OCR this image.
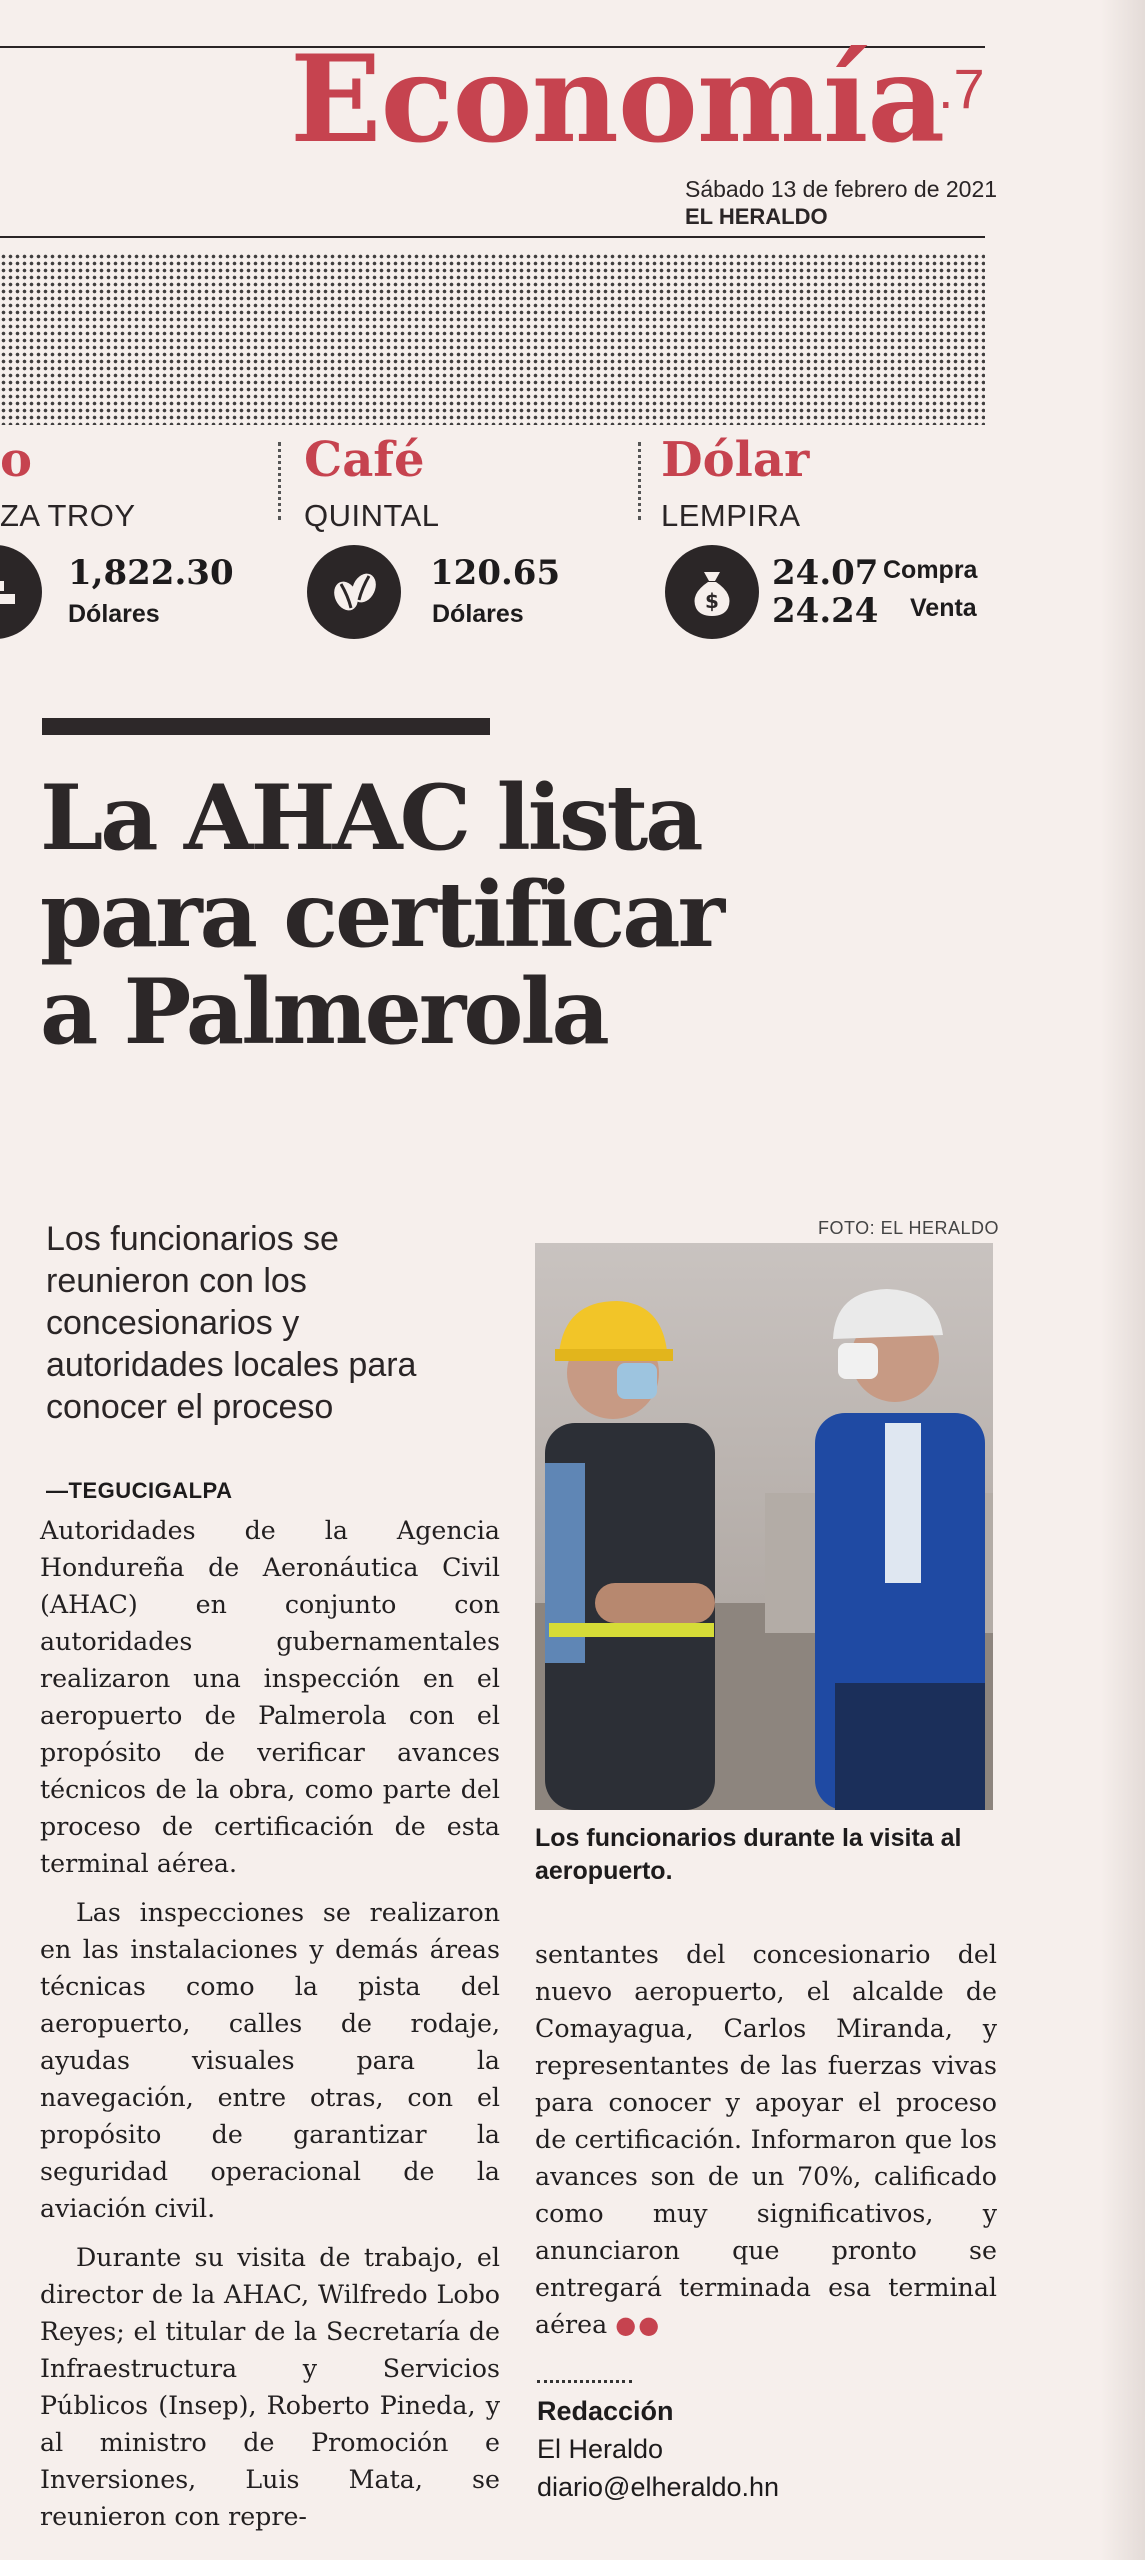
Economía
.7
Sábado 13 de febrero de 2021
EL HERALDO
o
ZA TROY
1,822.30
Dólares
Café
QUINTAL
120.65
Dólares
Dólar
LEMPIRA
$
24.07 Compra
24.24 Venta
La AHAC lista
para certificar
a Palmerola
Los funcionarios se reunieron con los concesionarios y autoridades locales para conocer el proceso
FOTO: EL HERALDO
Los funcionarios durante la visita al aeropuerto.
—TEGUCIGALPA

Autoridades de la Agencia Hondureña de Aeronáutica Civil (AHAC) en conjunto con autoridades gubernamentales realizaron una inspección en el aeropuerto de Palmerola con el propósito de verificar avances técnicos de la obra, como parte del proceso de certificación de esta terminal aérea.

Las inspecciones se realizaron en las instalaciones y demás áreas técnicas como la pista del aeropuerto, calles de rodaje, ayudas visuales para la navegación, entre otras, con el propósito de garantizar la seguridad operacional de la aviación civil.

Durante su visita de trabajo, el director de la AHAC, Wilfredo Lobo Reyes; el titular de la Secretaría de Infraestructura y Servicios Públicos (Insep), Roberto Pineda, y al ministro de Promoción e Inversiones, Luis Mata, se reunieron con repre-

sentantes del concesionario del nuevo aeropuerto, el alcalde de Comayagua, Carlos Miranda, y representantes de las fuerzas vivas para conocer y apoyar el proceso de certificación. Informaron que los avances son de un 70%, calificado como muy significativos, y anunciaron que pronto se entregará terminada esa terminal aérea ●●
Redacción
El Heraldo
diario@elheraldo.hn
